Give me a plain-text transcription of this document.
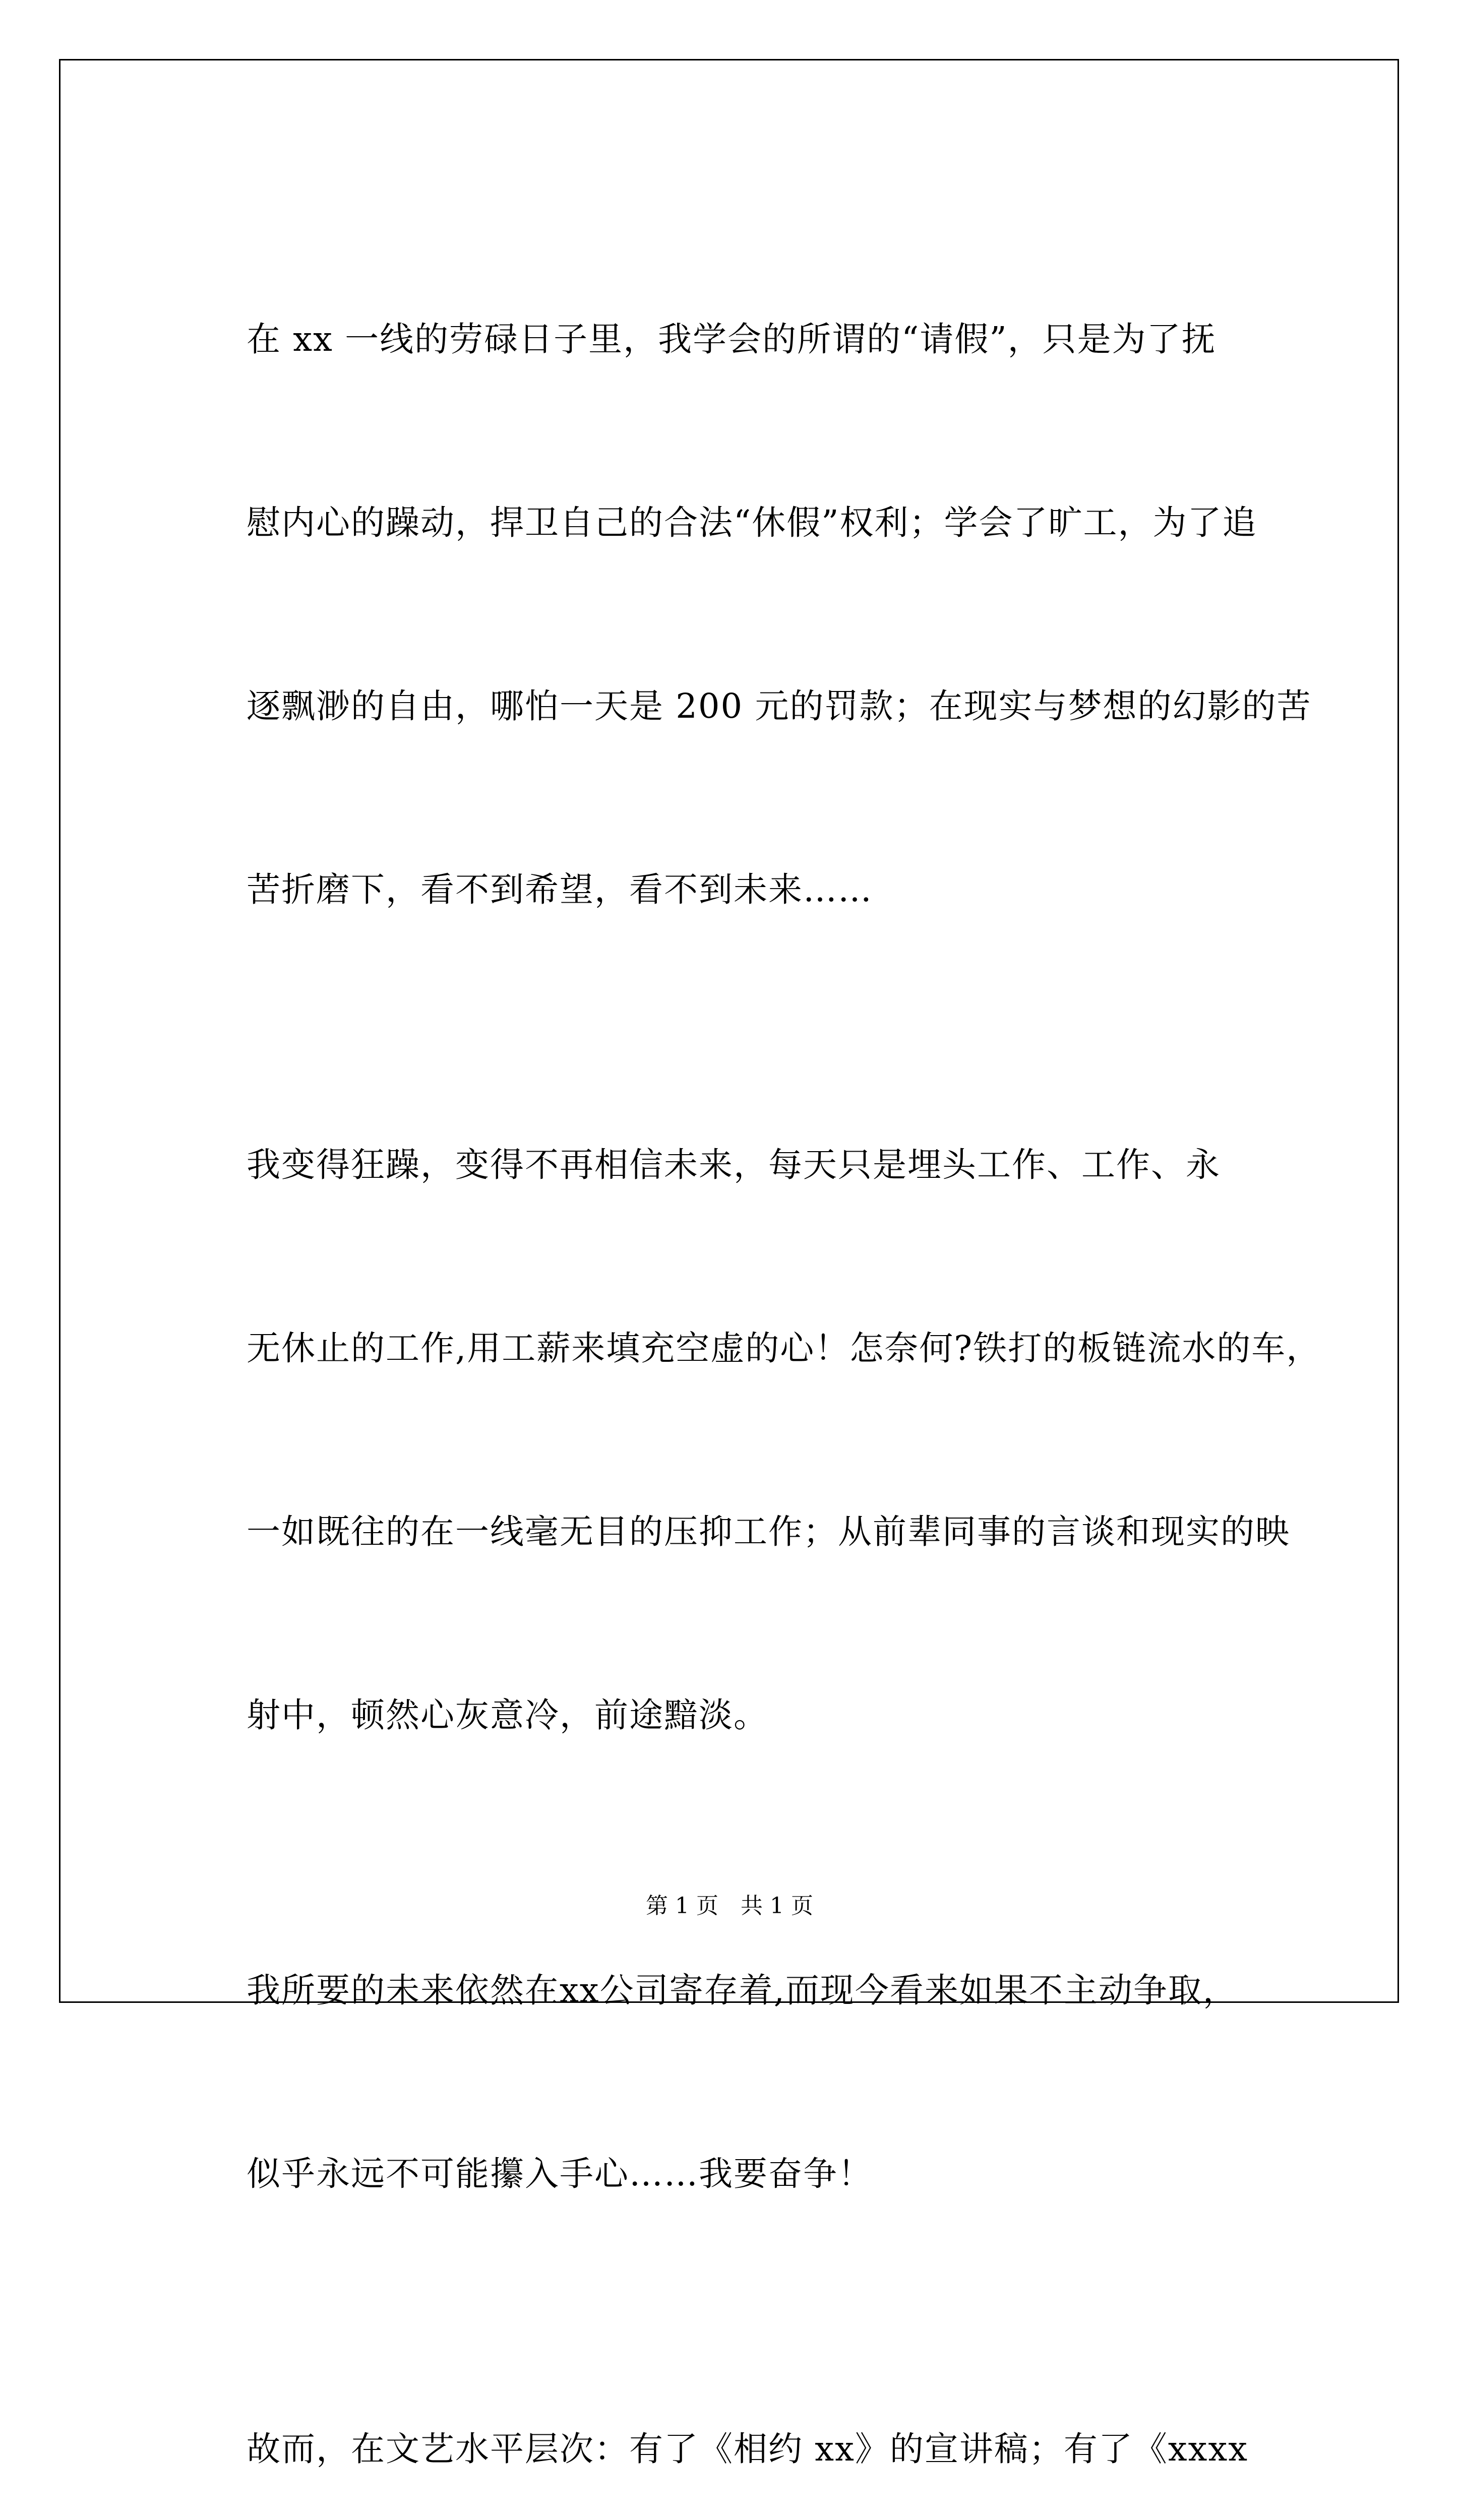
在 xx 一线的劳碌日子里，我学会的所谓的“请假”，只是为了抚

慰内心的躁动，捍卫自己的合法“休假”权利；学会了旷工，为了追

逐飘渺的自由，哪怕一天是 200 元的罚款；在现实与梦想的幻影的苦

苦折磨下，看不到希望，看不到未来……

我变得狂躁，变得不再相信未来，每天只是埋头工作、工作、永

无休止的工作,用工薪来填充空虚的心！怎奈何?铁打的板链流水的车，

一如既往的在一线毫无目的压抑工作；从前辈同事的言谈和现实的映

射中，顿然心灰意冷，前途黯淡。

我所要的未来依然在xx公司寄存着,而现今看来如果不主动争取，

似乎永远不可能攥入手心……我要奋争！

故而，在文艺水平层次：有了《相约 xx》的宣讲稿；有了《xxxx

第 1 页　共 1 页
